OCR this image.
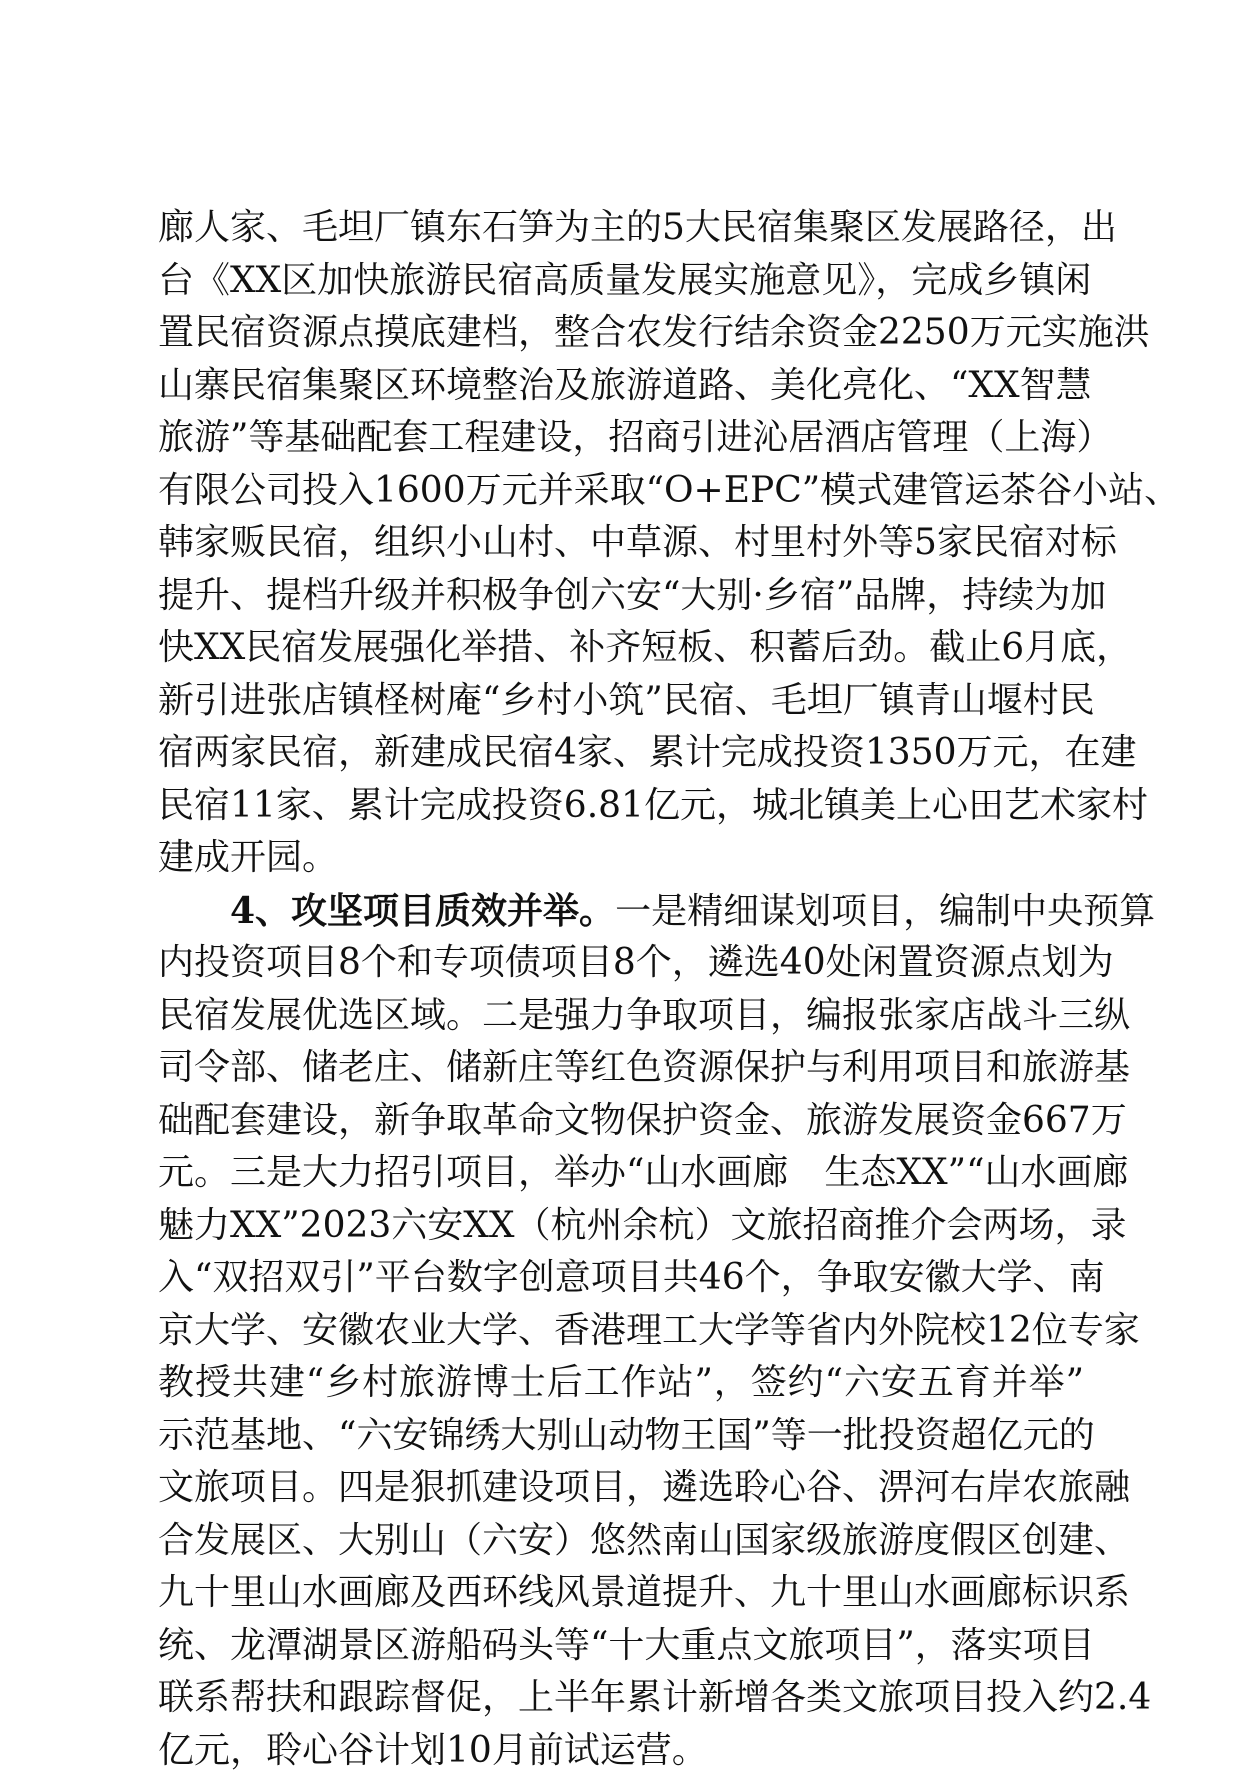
廊人家、毛坦厂镇东石笋为主的5大民宿集聚区发展路径，出
台《XX区加快旅游民宿高质量发展实施意见》，完成乡镇闲
置民宿资源点摸底建档，整合农发行结余资金2250万元实施洪
山寨民宿集聚区环境整治及旅游道路、美化亮化、“XX智慧
旅游”等基础配套工程建设，招商引进沁居酒店管理（上海）
有限公司投入1600万元并采取“O+EPC”模式建管运茶谷小站、
韩家贩民宿，组织小山村、中草源、村里村外等5家民宿对标
提升、提档升级并积极争创六安“大别·乡宿”品牌，持续为加
快XX民宿发展强化举措、补齐短板、积蓄后劲。截止6月底，
新引进张店镇柽树庵“乡村小筑”民宿、毛坦厂镇青山堰村民
宿两家民宿，新建成民宿4家、累计完成投资1350万元，在建
民宿11家、累计完成投资6.81亿元，城北镇美上心田艺术家村
建成开园。
4、攻坚项目质效并举。一是精细谋划项目，编制中央预算
内投资项目8个和专项债项目8个，遴选40处闲置资源点划为
民宿发展优选区域。二是强力争取项目，编报张家店战斗三纵
司令部、储老庄、储新庄等红色资源保护与利用项目和旅游基
础配套建设，新争取革命文物保护资金、旅游发展资金667万
元。三是大力招引项目，举办“山水画廊　生态XX”“山水画廊
魅力XX”2023六安XX（杭州余杭）文旅招商推介会两场，录
入“双招双引”平台数字创意项目共46个，争取安徽大学、南
京大学、安徽农业大学、香港理工大学等省内外院校12位专家
教授共建“乡村旅游博士后工作站”，签约“六安五育并举”
示范基地、“六安锦绣大别山动物王国”等一批投资超亿元的
文旅项目。四是狠抓建设项目，遴选聆心谷、淠河右岸农旅融
合发展区、大别山（六安）悠然南山国家级旅游度假区创建、
九十里山水画廊及西环线风景道提升、九十里山水画廊标识系
统、龙潭湖景区游船码头等“十大重点文旅项目”，落实项目
联系帮扶和跟踪督促，上半年累计新增各类文旅项目投入约2.4
亿元，聆心谷计划10月前试运营。
